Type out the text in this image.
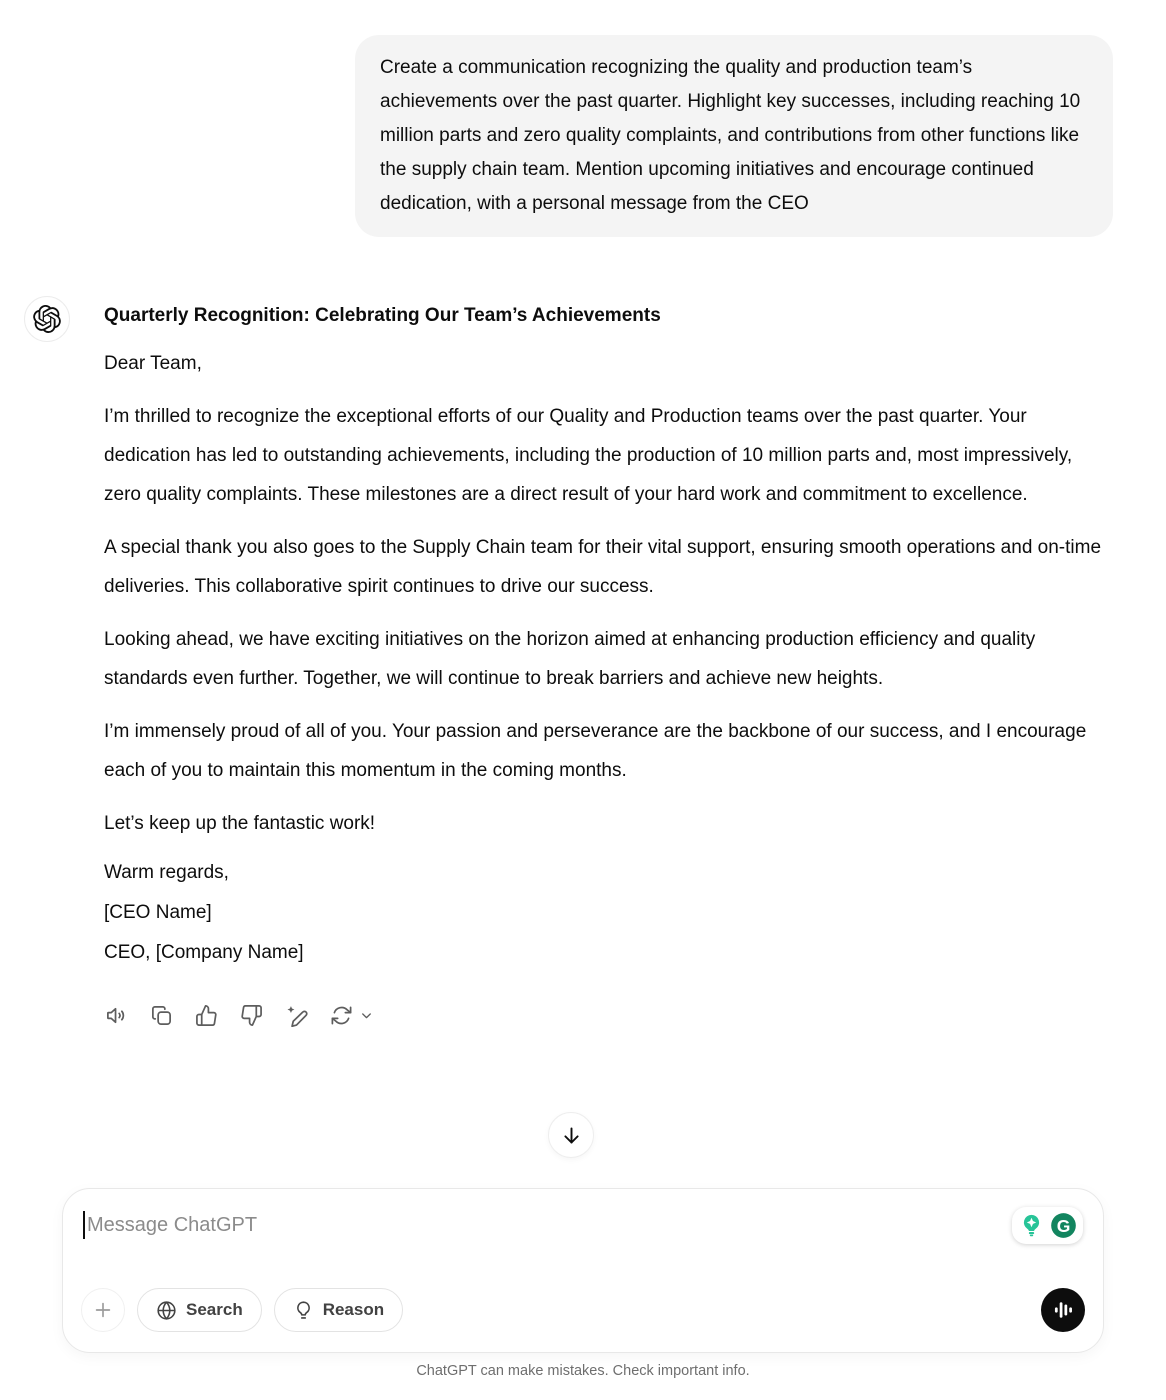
Create a communication recognizing the quality and production team’s achievements over the past quarter. Highlight key successes, including reaching 10 million parts and zero quality complaints, and contributions from other functions like the supply chain team. Mention upcoming initiatives and encourage continued dedication, with a personal message from the CEO
Quarterly Recognition: Celebrating Our Team’s Achievements

Dear Team,

I’m thrilled to recognize the exceptional efforts of our Quality and Production teams over the past quarter. Your dedication has led to outstanding achievements, including the production of 10 million parts and, most impressively, zero quality complaints. These milestones are a direct result of your hard work and commitment to excellence.

A special thank you also goes to the Supply Chain team for their vital support, ensuring smooth operations and on-time deliveries. This collaborative spirit continues to drive our success.

Looking ahead, we have exciting initiatives on the horizon aimed at enhancing production efficiency and quality standards even further. Together, we will continue to break barriers and achieve new heights.

I’m immensely proud of all of you. Your passion and perseverance are the backbone of our success, and I encourage each of you to maintain this momentum in the coming months.

Let’s keep up the fantastic work!

Warm regards,
[CEO Name]
CEO, [Company Name]
Message ChatGPT	G
Search	Reason
ChatGPT can make mistakes. Check important info.
